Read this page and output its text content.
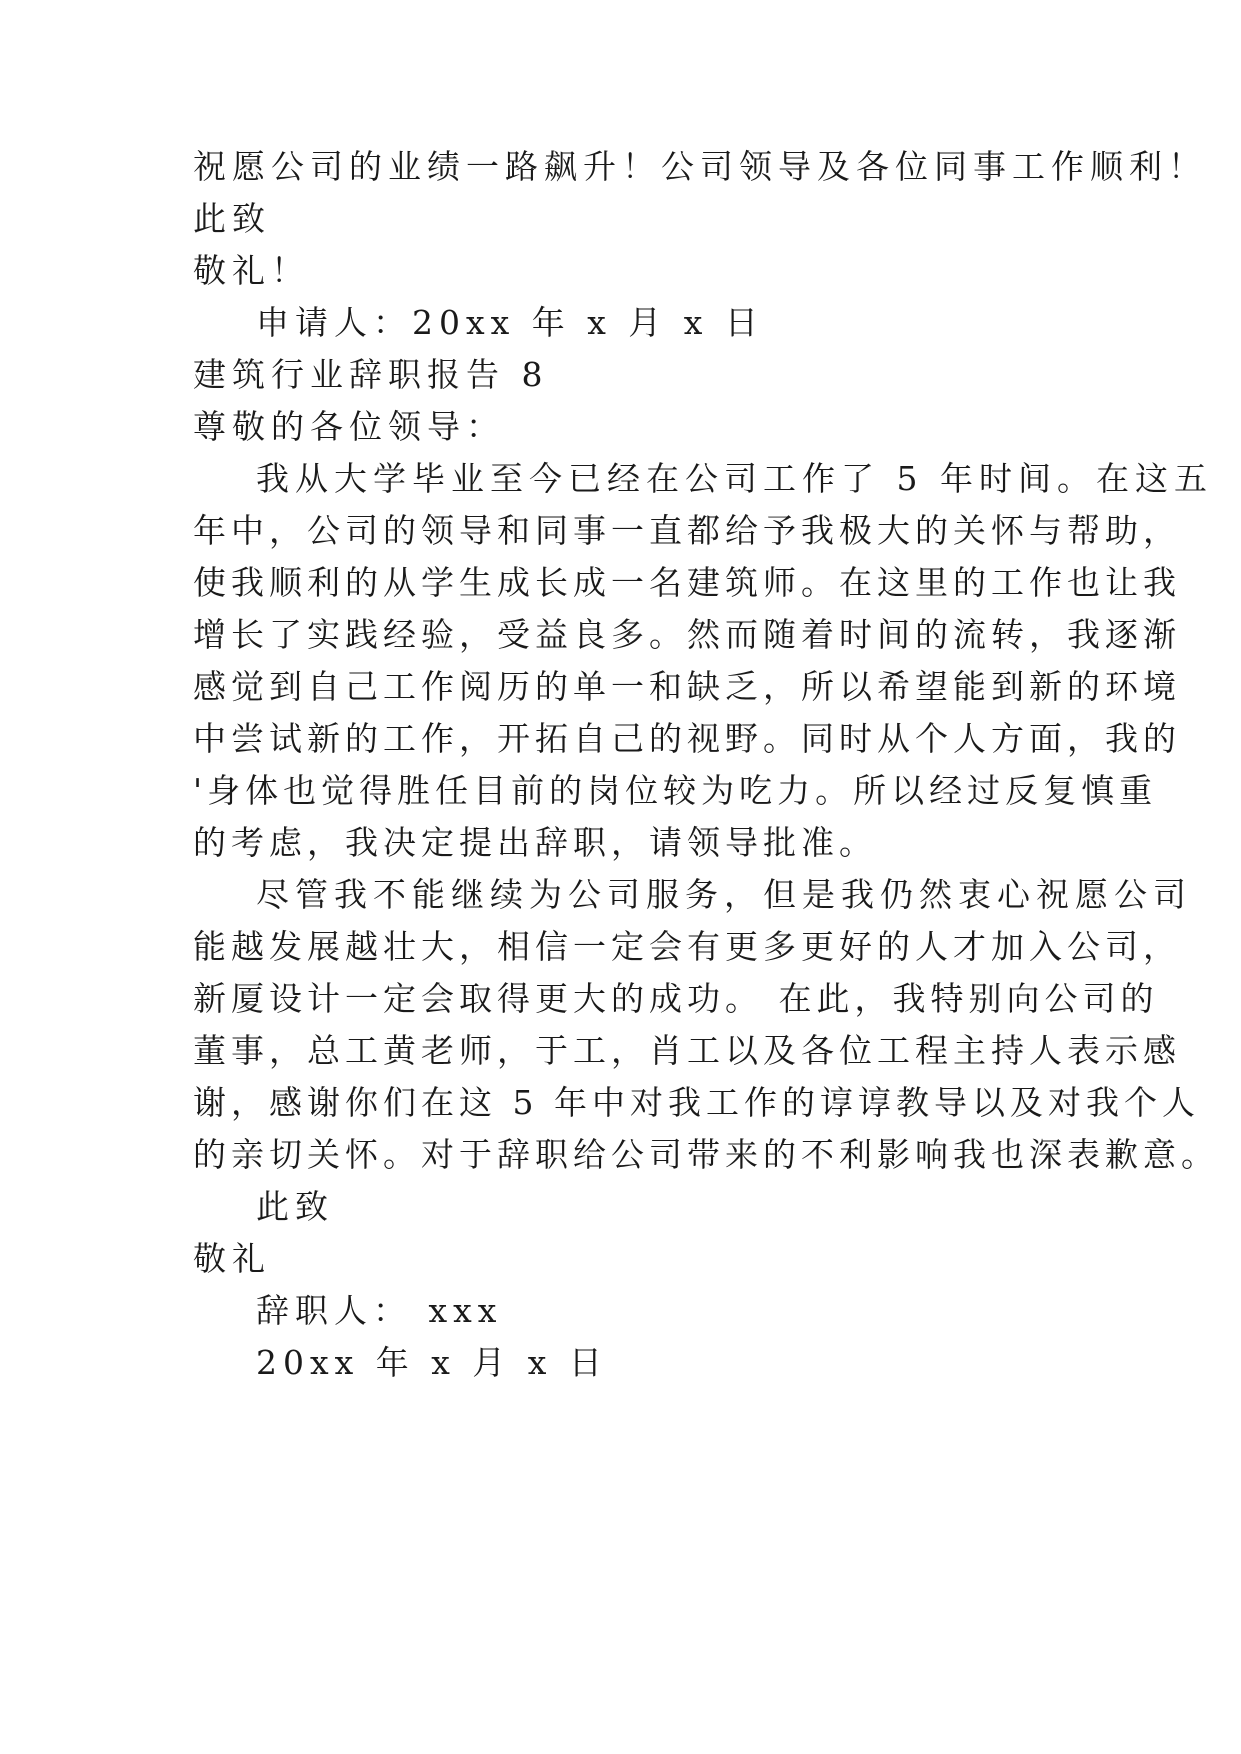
祝愿公司的业绩一路飙升！公司领导及各位同事工作顺利！
此致
敬礼！
申请人：20xx 年 x 月 x 日
建筑行业辞职报告 8
尊敬的各位领导：
我从大学毕业至今已经在公司工作了 5 年时间。在这五
年中，公司的领导和同事一直都给予我极大的关怀与帮助，
使我顺利的从学生成长成一名建筑师。在这里的工作也让我
增长了实践经验，受益良多。然而随着时间的流转，我逐渐
感觉到自己工作阅历的单一和缺乏，所以希望能到新的环境
中尝试新的工作，开拓自己的视野。同时从个人方面，我的
'身体也觉得胜任目前的岗位较为吃力。所以经过反复慎重
的考虑，我决定提出辞职，请领导批准。
尽管我不能继续为公司服务，但是我仍然衷心祝愿公司
能越发展越壮大，相信一定会有更多更好的人才加入公司，
新厦设计一定会取得更大的成功。 在此，我特别向公司的
董事，总工黄老师，于工，肖工以及各位工程主持人表示感
谢，感谢你们在这 5 年中对我工作的谆谆教导以及对我个人
的亲切关怀。对于辞职给公司带来的不利影响我也深表歉意。
此致
敬礼
辞职人： xxx
20xx 年 x 月 x 日
